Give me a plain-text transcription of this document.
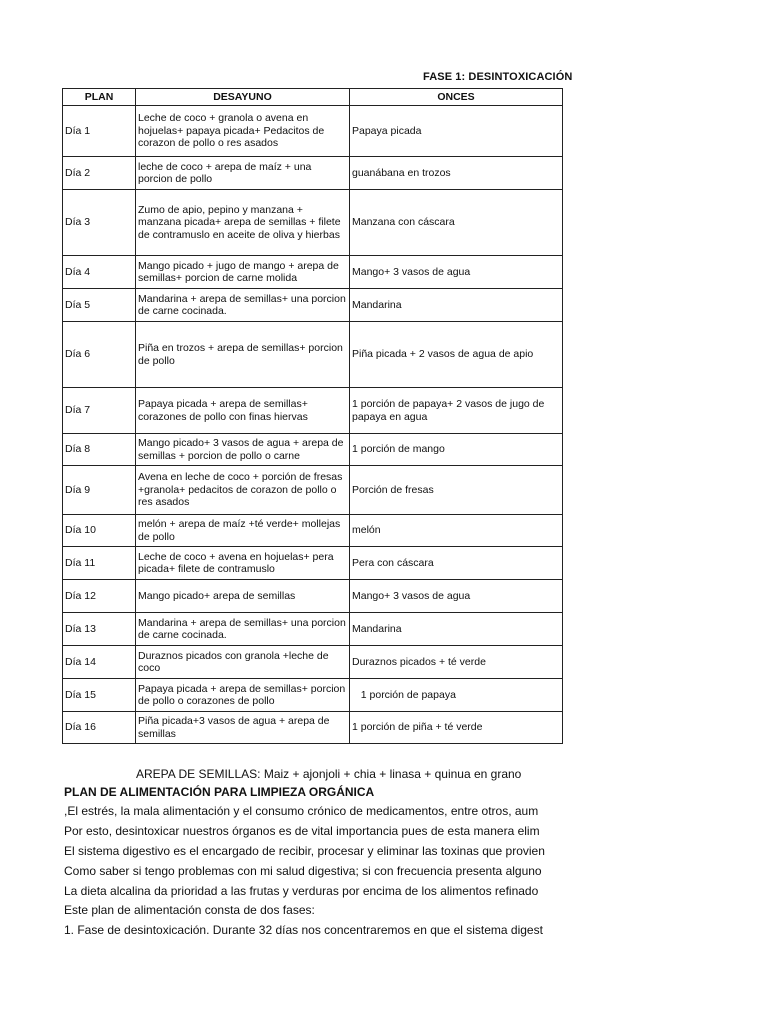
FASE 1: DESINTOXICACIÓN
PLAN	DESAYUNO	ONCES
Día 1	Leche de coco + granola o avena en hojuelas+ papaya picada+ Pedacitos de corazon de pollo o res asados	Papaya picada
Día 2	leche de coco + arepa de maíz + una porcion de pollo	guanábana en trozos
Día 3	Zumo de apio, pepino y manzana + manzana picada+ arepa de semillas + filete de contramuslo en aceite de oliva y hierbas	Manzana con cáscara
Día 4	Mango picado + jugo de mango + arepa de semillas+ porcion de carne molida	Mango+ 3 vasos de agua
Día 5	Mandarina + arepa de semillas+ una porcion de carne cocinada.	Mandarina
Día 6	Piña en trozos + arepa de semillas+ porcion de pollo	Piña picada + 2 vasos de agua de apio
Día 7	Papaya picada + arepa de semillas+ corazones de pollo con finas hiervas	1 porción de papaya+ 2 vasos de jugo de papaya en agua
Día 8	Mango picado+ 3 vasos de agua + arepa de semillas + porcion de pollo o carne	1 porción de mango
Día 9	Avena en leche de coco + porción de fresas +granola+ pedacitos de corazon de pollo o res asados	Porción de fresas
Día 10	melón + arepa de maíz +té verde+ mollejas de pollo	melón
Día 11	Leche de coco + avena en hojuelas+ pera picada+ filete de contramuslo	Pera con cáscara
Día 12	Mango picado+ arepa de semillas	Mango+ 3 vasos de agua
Día 13	Mandarina + arepa de semillas+ una porcion de carne cocinada.	Mandarina
Día 14	Duraznos picados con granola +leche de coco	Duraznos picados + té verde
Día 15	Papaya picada + arepa de semillas+ porcion de pollo o corazones de pollo	1 porción de papaya
Día 16	Piña picada+3 vasos de agua + arepa de semillas	1 porción de piña + té verde
AREPA DE SEMILLAS: Maiz + ajonjoli + chia + linasa + quinua en grano
PLAN DE ALIMENTACIÓN PARA LIMPIEZA ORGÁNICA
,El estrés, la mala alimentación y el consumo crónico de medicamentos, entre otros, aum
Por esto, desintoxicar nuestros órganos es de vital importancia pues de esta manera elim
El sistema digestivo es el encargado de recibir, procesar y eliminar las toxinas que provien
Como saber si tengo problemas con mi salud digestiva; si con frecuencia presenta alguno
La dieta alcalina da prioridad a las frutas y verduras por encima de los alimentos refinado
Este plan de alimentación consta de dos fases:
1. Fase de desintoxicación. Durante 32 días nos concentraremos en que el sistema digest
